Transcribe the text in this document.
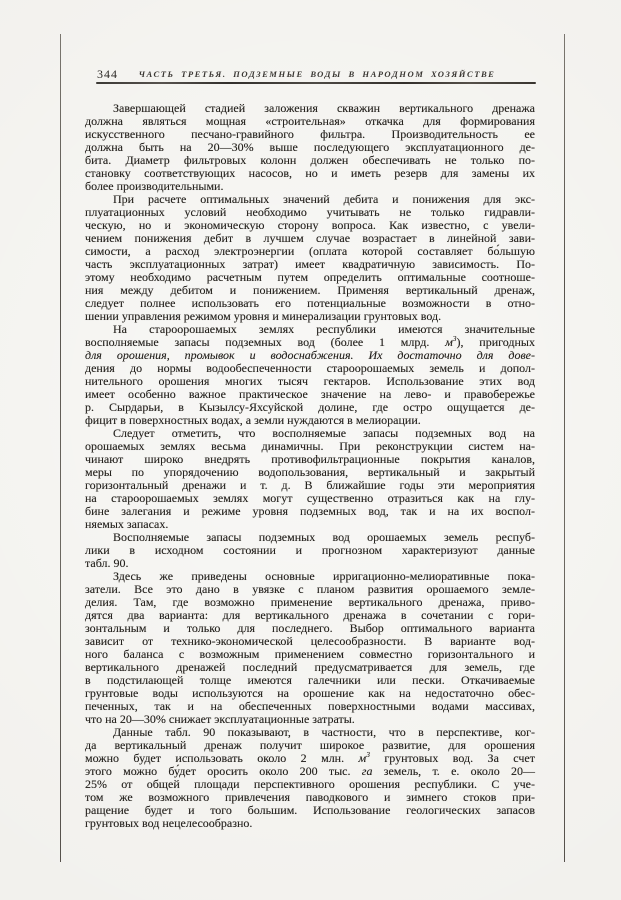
344	ЧАСТЬ ТРЕТЬЯ. ПОДЗЕМНЫЕ ВОДЫ В НАРОДНОМ ХОЗЯЙСТВЕ
Завершающей стадией заложения скважин вертикального дренажа
должна являться мощная «строительная» откачка для формирования
искусственного песчано-гравийного фильтра. Производительность ее
должна быть на 20—30% выше последующего эксплуатационного де-
бита. Диаметр фильтровых колонн должен обеспечивать не только по-
становку соответствующих насосов, но и иметь резерв для замены их
более производительными.
При расчете оптимальных значений дебита и понижения для экс-
плуатационных условий необходимо учитывать не только гидравли-
ческую, но и экономическую сторону вопроса. Как известно, с увели-
чением понижения дебит в лучшем случае возрастает в линейной зави-
симости, а расход электроэнергии (оплата которой составляет бо́льшую
часть эксплуатационных затрат) имеет квадратичную зависимость. По-
этому необходимо расчетным путем определить оптимальные соотноше-
ния между дебитом и понижением. Применяя вертикальный дренаж,
следует полнее использовать его потенциальные возможности в отно-
шении управления режимом уровня и минерализации грунтовых вод.
На староорошаемых землях республики имеются значительные
восполняемые запасы подземных вод (более 1 млрд. $м^3$), пригодных
для орошения, промывок и водоснабжения. Их достаточно для дове-
дения до нормы водообеспеченности староорошаемых земель и допол-
нительного орошения многих тысяч гектаров. Использование этих вод
имеет особенно важное практическое значение на лево- и правобережье
р. Сырдарьи, в Кызылсу-Яхсуйской долине, где остро ощущается де-
фицит в поверхностных водах, а земли нуждаются в мелиорации.
Следует отметить, что восполняемые запасы подземных вод на
орошаемых землях весьма динамичны. При реконструкции систем на-
чинают широко внедрять противофильтрационные покрытия каналов,
меры по упорядочению водопользования, вертикальный и закрытый
горизонтальный дренажи и т. д. В ближайшие годы эти мероприятия
на староорошаемых землях могут существенно отразиться как на глу-
бине залегания и режиме уровня подземных вод, так и на их воспол-
няемых запасах.
Восполняемые запасы подземных вод орошаемых земель респуб-
лики в исходном состоянии и прогнозном характеризуют данные
табл. 90.
Здесь же приведены основные ирригационно-мелиоративные пока-
затели. Все это дано в увязке с планом развития орошаемого земле-
делия. Там, где возможно применение вертикального дренажа, приво-
дятся два варианта: для вертикального дренажа в сочетании с гори-
зонтальным и только для последнего. Выбор оптимального варианта
зависит от технико-экономической целесообразности. В варианте вод-
ного баланса с возможным применением совместно горизонтального и
вертикального дренажей последний предусматривается для земель, где
в подстилающей толще имеются галечники или пески. Откачиваемые
грунтовые воды используются на орошение как на недостаточно обес-
печенных, так и на обеспеченных поверхностными водами массивах,
что на 20—30% снижает эксплуатационные затраты.
Данные табл. 90 показывают, в частности, что в перспективе, ког-
да вертикальный дренаж получит широкое развитие, для орошения
можно будет использовать около 2 млн. $м^3$ грунтовых вод. За счет
этого можно бу́дет оросить около 200 тыс. га земель, т. е. около 20—
25% от общей площади перспективного орошения республики. С уче-
том же возможного привлечения паводкового и зимнего стоков при-
ращение будет и того большим. Использование геологических запасов
грунтовых вод нецелесообразно.
